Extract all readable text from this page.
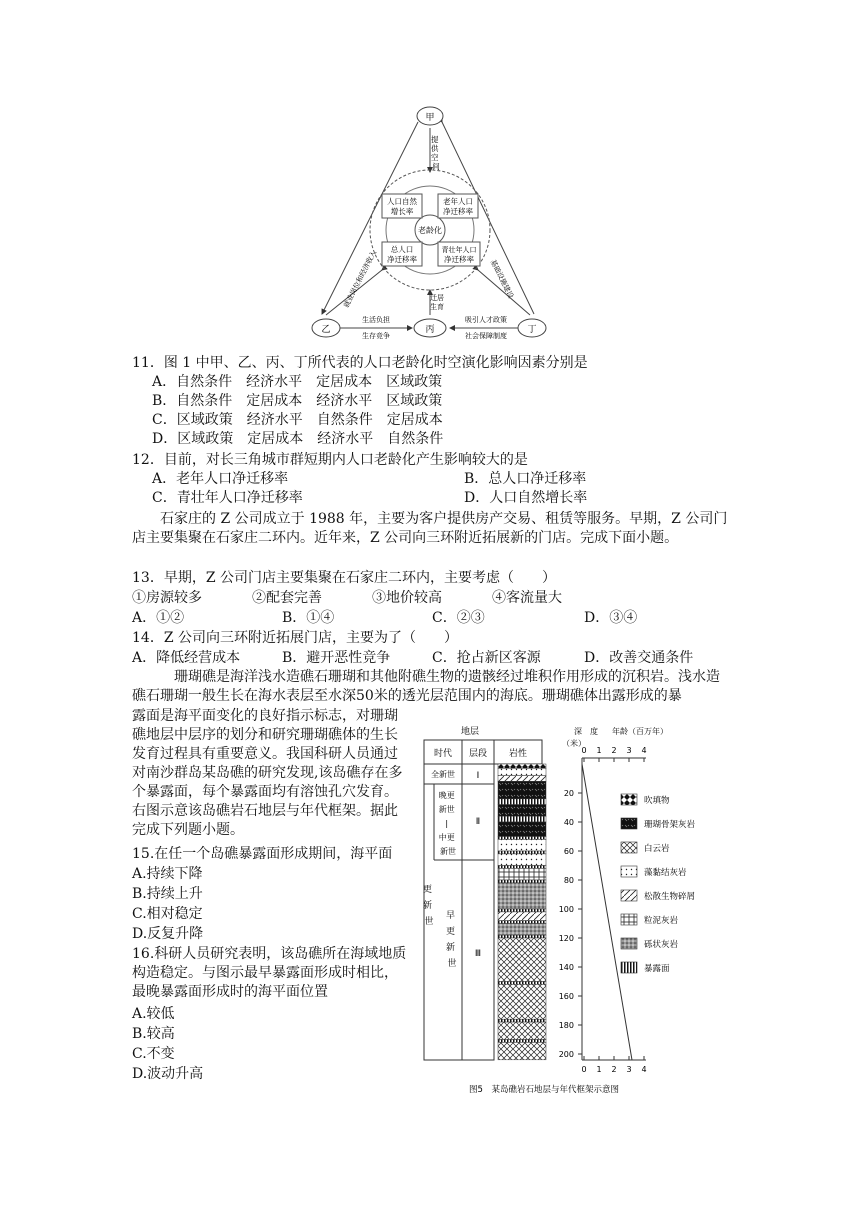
甲
乙	丙	丁
老龄化
人口自然
增长率
老年人口
净迁移率
总人口
净迁移率
青壮年人口
净迁移率
提 供 空 间
就业岗位和经济收入	基础设施建设
生活负担
生存竞争
迁居
生育
吸引人才政策
社会保障制度
11．图 1 中甲、乙、丙、丁所代表的人口老龄化时空演化影响因素分别是
A．自然条件　经济水平　定居成本　区域政策
B．自然条件　定居成本　经济水平　区域政策
C．区域政策　经济水平　自然条件　定居成本
D．区域政策　定居成本　经济水平　自然条件
12．目前，对长三角城市群短期内人口老龄化产生影响较大的是
A．老年人口净迁移率	B．总人口净迁移率
C．青壮年人口净迁移率	D．人口自然增长率
石家庄的 Z 公司成立于 1988 年，主要为客户提供房产交易、租赁等服务。早期，Z 公司门店主要集聚在石家庄二环内。近年来，Z 公司向三环附近拓展新的门店。完成下面小题。
13．早期，Z 公司门店主要集聚在石家庄二环内，主要考虑（　　）
①房源较多	②配套完善	③地价较高	④客流量大
A．①②	B．①④	C．②③	D．③④
14．Z 公司向三环附近拓展门店，主要为了（　　）
A．降低经营成本	B．避开恶性竞争	C．抢占新区客源	D．改善交通条件
珊瑚礁是海洋浅水造礁石珊瑚和其他附礁生物的遗骸经过堆积作用形成的沉积岩。浅水造礁石珊瑚一般生长在海水表层至水深50米的透光层范围内的海底。珊瑚礁体出露形成的暴
露面是海平面变化的良好指示标志，对珊瑚礁地层中层序的划分和研究珊瑚礁体的生长发育过程具有重要意义。我国科研人员通过对南沙群岛某岛礁的研究发现,该岛礁存在多个暴露面，每个暴露面均有溶蚀孔穴发育。右图示意该岛礁岩石地层与年代框架。据此完成下列题小题。
15.在任一个岛礁暴露面形成期间，海平面
A.持续下降
B.持续上升
C.相对稳定
D.反复升降
16.科研人员研究表明，该岛礁所在海域地质构造稳定。与图示最早暴露面形成时相比，最晚暴露面形成时的海平面位置
A.较低
B.较高
C.不变
D.波动升高
地层
时代 层段 岩性
全新世 Ⅰ
Ⅱ
Ⅲ
晚更 新世 | 中更 新世
更 新 世
早 更 新 世
深　度
（米）
年龄（百万年）
20
40
60
80
100
120
140
160
180
200
0
0
1
1
2
2
3
3
4
4
吹填物
珊瑚骨架灰岩
白云岩
藻黏结灰岩
松散生物碎屑
粒泥灰岩
砾状灰岩
暴露面
图5　某岛礁岩石地层与年代框架示意图
